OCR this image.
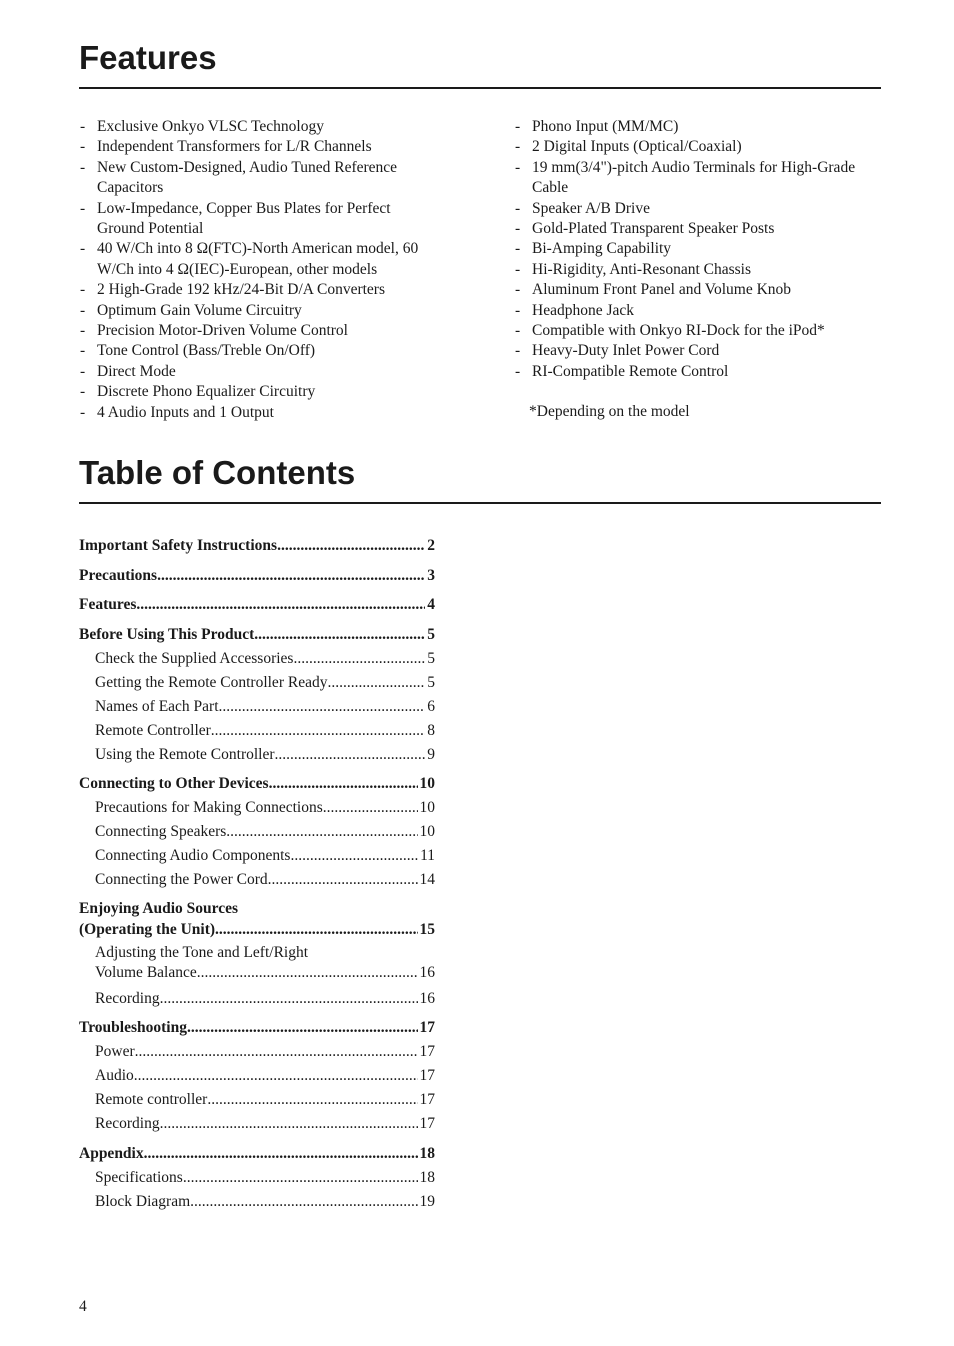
Features
- Exclusive Onkyo VLSC Technology
- Independent Transformers for L/R Channels
- New Custom-Designed, Audio Tuned Reference Capacitors
- Low-Impedance, Copper Bus Plates for Perfect Ground Potential
- 40 W/Ch into 8 Ω(FTC)-North American model, 60 W/Ch into 4 Ω(IEC)-European, other models
- 2 High-Grade 192 kHz/24-Bit D/A Converters
- Optimum Gain Volume Circuitry
- Precision Motor-Driven Volume Control
- Tone Control (Bass/Treble On/Off)
- Direct Mode
- Discrete Phono Equalizer Circuitry
- 4 Audio Inputs and 1 Output
- Phono Input (MM/MC)
- 2 Digital Inputs (Optical/Coaxial)
- 19 mm(3/4")-pitch Audio Terminals for High-Grade Cable
- Speaker A/B Drive
- Gold-Plated Transparent Speaker Posts
- Bi-Amping Capability
- Hi-Rigidity, Anti-Resonant Chassis
- Aluminum Front Panel and Volume Knob
- Headphone Jack
- Compatible with Onkyo RI-Dock for the iPod*
- Heavy-Duty Inlet Power Cord
- RI-Compatible Remote Control
*Depending on the model
Table of Contents
Important Safety Instructions .....	2
Precautions .....	3
Features .....	4
Before Using This Product .....	5
Check the Supplied Accessories .....	5
Getting the Remote Controller Ready .....	5
Names of Each Part .....	6
Remote Controller .....	8
Using the Remote Controller .....	9
Connecting to Other Devices .....	10
Precautions for Making Connections .....	10
Connecting Speakers .....	10
Connecting Audio Components .....	11
Connecting the Power Cord .....	14
Enjoying Audio Sources
(Operating the Unit) .....	15
Adjusting the Tone and Left/Right
Volume Balance .....	16
Recording .....	16
Troubleshooting .....	17
Power .....	17
Audio .....	17
Remote controller .....	17
Recording .....	17
Appendix .....	18
Specifications .....	18
Block Diagram .....	19
4
